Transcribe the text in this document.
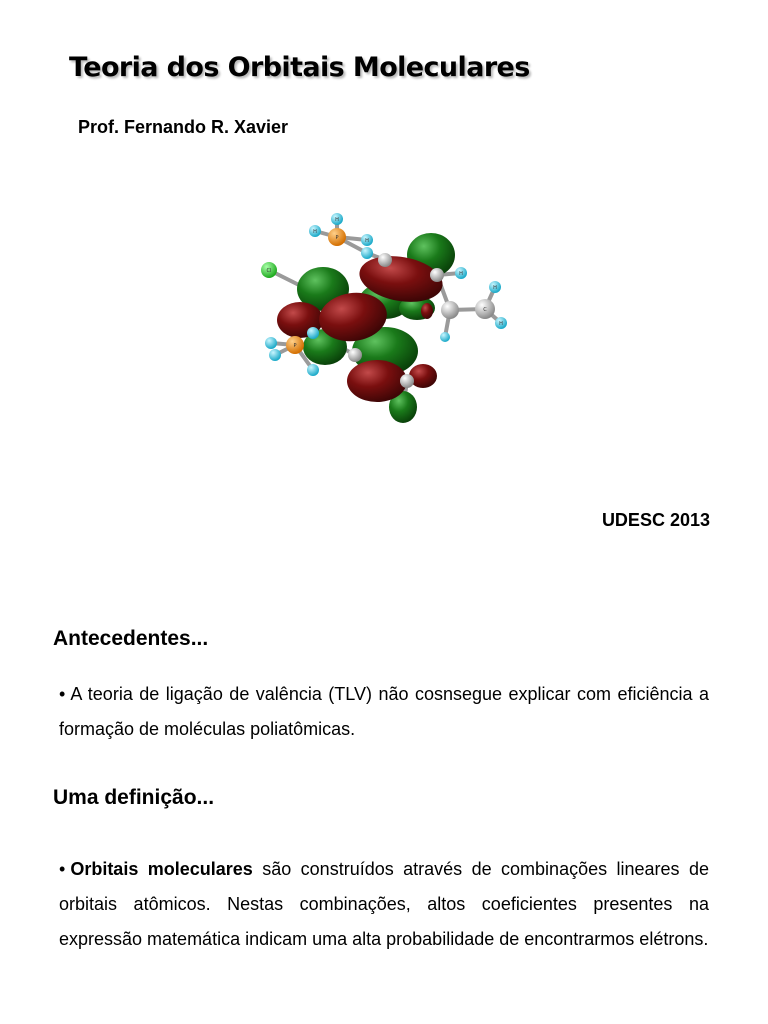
Teoria dos Orbitais Moleculares
Prof. Fernando R. Xavier
H
H
H
P
P
Cl	H
H
H
C
UDESC 2013
Antecedentes...
• A teoria de ligação de valência (TLV) não cosnsegue explicar com eficiência a formação de moléculas poliatômicas.
Uma definição...
• Orbitais moleculares são construídos através de combinações lineares de orbitais atômicos. Nestas combinações, altos coeficientes presentes na expressão matemática indicam uma alta probabilidade de encontrarmos elétrons.
